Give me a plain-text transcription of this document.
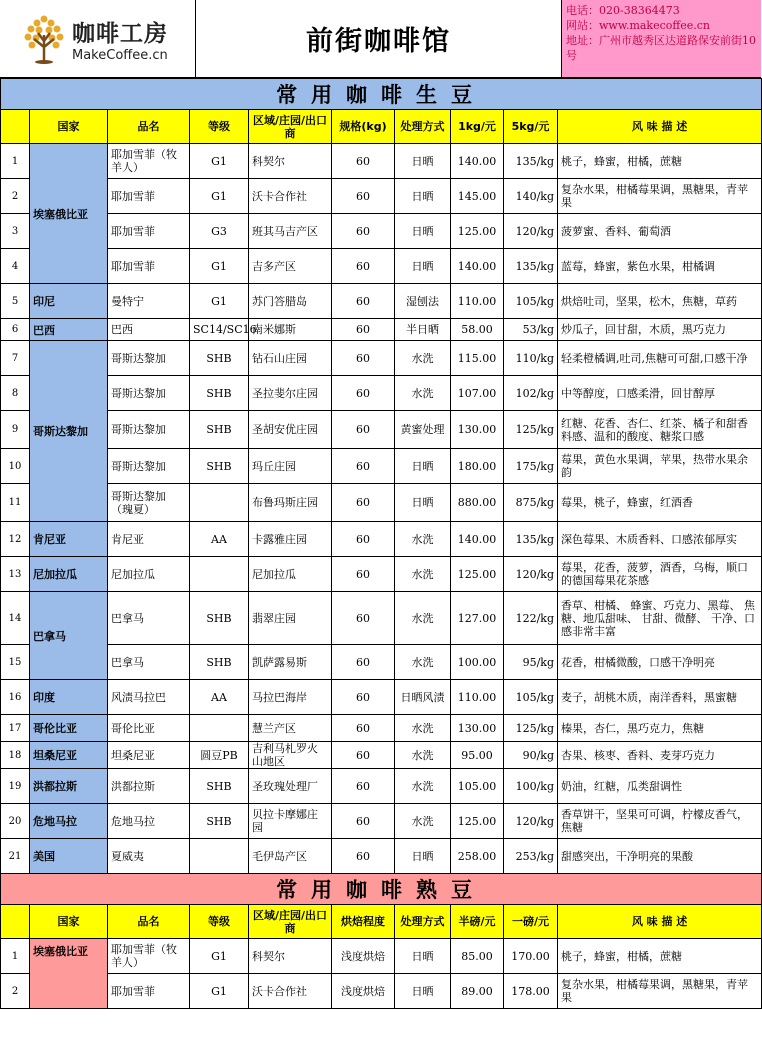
咖啡工房
MakeCoffee.cn	前街咖啡馆
电话：020-38364473
网站：www.makecoffee.cn
地址：广州市越秀区达道路保安前街10号
常用咖啡生豆									
	国家	品名	等级	区域/庄园/出口商	规格(kg)	处理方式	1kg/元	5kg/元	风 味 描 述
1	埃塞俄比亚	耶加雪菲（牧羊人）	G1	科契尔	60	日晒	140.00	135/kg	桃子，蜂蜜，柑橘，蔗糖
2		耶加雪菲	G1	沃卡合作社	60	日晒	145.00	140/kg	复杂水果，柑橘莓果调，黑糖果，青苹果
3		耶加雪菲	G3	班其马吉产区	60	日晒	125.00	120/kg	菠萝蜜、香料、葡萄酒
4		耶加雪菲	G1	吉多产区	60	日晒	140.00	135/kg	蓝莓，蜂蜜，紫色水果，柑橘调
5	印尼	曼特宁	G1	苏门答腊岛	60	湿刨法	110.00	105/kg	烘焙吐司，坚果，松木，焦糖，草药
6	巴西	巴西	SC14/SC16	南米娜斯	60	半日晒	58.00	53/kg	炒瓜子，回甘甜，木质，黑巧克力
7	哥斯达黎加	哥斯达黎加	SHB	钻石山庄园	60	水洗	115.00	110/kg	轻柔橙橘调,吐司,焦糖可可甜,口感干净
8		哥斯达黎加	SHB	圣拉斐尔庄园	60	水洗	107.00	102/kg	中等醇度，口感柔滑，回甘醇厚
9		哥斯达黎加	SHB	圣胡安优庄园	60	黄蜜处理	130.00	125/kg	红糖、花香、杏仁、红茶、橘子和甜香料感、温和的酸度、糖浆口感
10		哥斯达黎加	SHB	玛丘庄园	60	日晒	180.00	175/kg	莓果，黄色水果调，苹果，热带水果余韵
11		哥斯达黎加（瑰夏）		布鲁玛斯庄园	60	日晒	880.00	875/kg	莓果，桃子，蜂蜜，红酒香
12	肯尼亚	肯尼亚	AA	卡露雅庄园	60	水洗	140.00	135/kg	深色莓果、木质香料、口感浓郁厚实
13	尼加拉瓜	尼加拉瓜		尼加拉瓜	60	水洗	125.00	120/kg	莓果，花香，菠萝，酒香，乌梅，顺口的德国莓果花茶感
14	巴拿马	巴拿马	SHB	翡翠庄园	60	水洗	127.00	122/kg	香草、柑橘、 蜂蜜、巧克力、黑莓、 焦糖、地瓜甜味、 甘甜、微酵、 干净、口感非常丰富
15		巴拿马	SHB	凯萨露易斯	60	水洗	100.00	95/kg	花香，柑橘微酸，口感干净明亮
16	印度	风渍马拉巴	AA	马拉巴海岸	60	日晒风渍	110.00	105/kg	麦子，胡桃木质，南洋香料，黑蜜糖
17	哥伦比亚	哥伦比亚		慧兰产区	60	水洗	130.00	125/kg	榛果，杏仁，黑巧克力，焦糖
18	坦桑尼亚	坦桑尼亚	圆豆PB	吉利马札罗火山地区	60	水洗	95.00	90/kg	杏果、核枣、香料、麦芽巧克力
19	洪都拉斯	洪都拉斯	SHB	圣玫瑰处理厂	60	水洗	105.00	100/kg	奶油，红糖，瓜类甜调性
20	危地马拉	危地马拉	SHB	贝拉卡摩娜庄园	60	水洗	125.00	120/kg	香草饼干，坚果可可调，柠檬皮香气，焦糖
21	美国	夏威夷		毛伊岛产区	60	日晒	258.00	253/kg	甜感突出，干净明亮的果酸
常用咖啡熟豆									
	国家	品名	等级	区域/庄园/出口商	烘焙程度	处理方式	半磅/元	一磅/元	风 味 描 述
1	埃塞俄比亚	耶加雪菲（牧羊人）	G1	科契尔	浅度烘焙	日晒	85.00	170.00	桃子，蜂蜜，柑橘，蔗糖
2		耶加雪菲	G1	沃卡合作社	浅度烘焙	日晒	89.00	178.00	复杂水果，柑橘莓果调，黑糖果，青苹果
